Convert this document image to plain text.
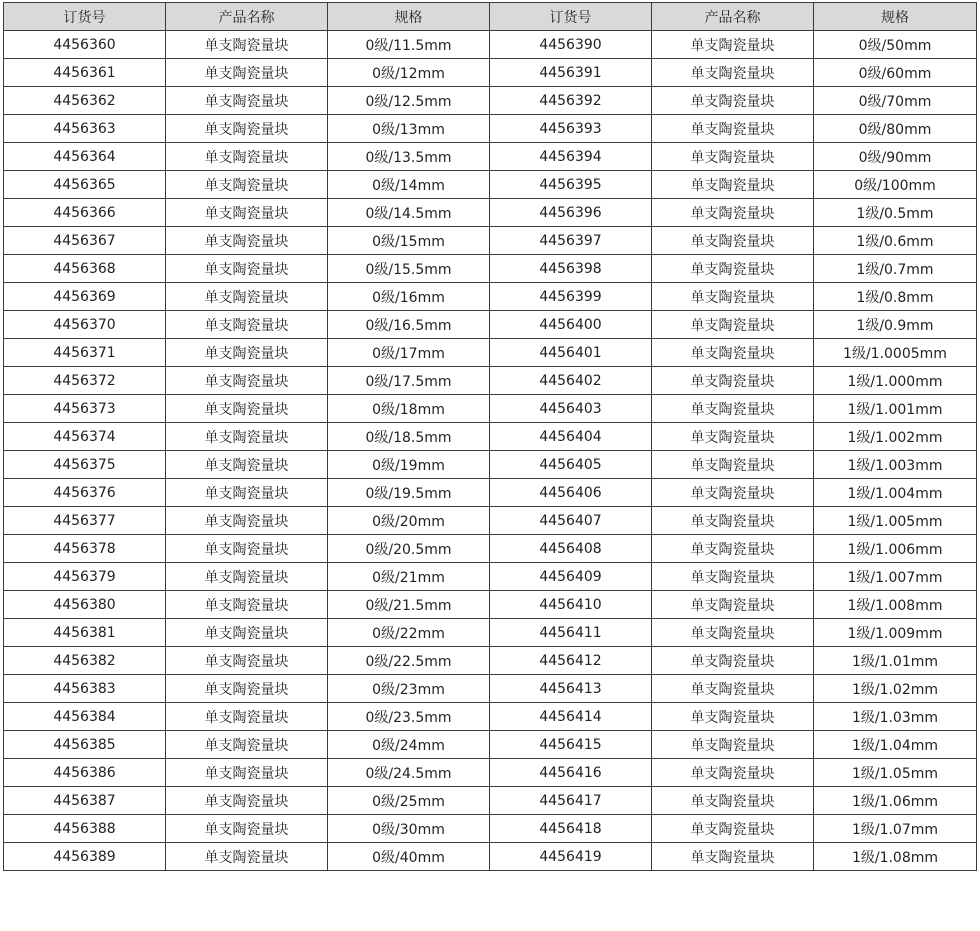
订货号	产品名称	规格	订货号	产品名称	规格
4456360	单支陶瓷量块	0级/11.5mm	4456390	单支陶瓷量块	0级/50mm
4456361	单支陶瓷量块	0级/12mm	4456391	单支陶瓷量块	0级/60mm
4456362	单支陶瓷量块	0级/12.5mm	4456392	单支陶瓷量块	0级/70mm
4456363	单支陶瓷量块	0级/13mm	4456393	单支陶瓷量块	0级/80mm
4456364	单支陶瓷量块	0级/13.5mm	4456394	单支陶瓷量块	0级/90mm
4456365	单支陶瓷量块	0级/14mm	4456395	单支陶瓷量块	0级/100mm
4456366	单支陶瓷量块	0级/14.5mm	4456396	单支陶瓷量块	1级/0.5mm
4456367	单支陶瓷量块	0级/15mm	4456397	单支陶瓷量块	1级/0.6mm
4456368	单支陶瓷量块	0级/15.5mm	4456398	单支陶瓷量块	1级/0.7mm
4456369	单支陶瓷量块	0级/16mm	4456399	单支陶瓷量块	1级/0.8mm
4456370	单支陶瓷量块	0级/16.5mm	4456400	单支陶瓷量块	1级/0.9mm
4456371	单支陶瓷量块	0级/17mm	4456401	单支陶瓷量块	1级/1.0005mm
4456372	单支陶瓷量块	0级/17.5mm	4456402	单支陶瓷量块	1级/1.000mm
4456373	单支陶瓷量块	0级/18mm	4456403	单支陶瓷量块	1级/1.001mm
4456374	单支陶瓷量块	0级/18.5mm	4456404	单支陶瓷量块	1级/1.002mm
4456375	单支陶瓷量块	0级/19mm	4456405	单支陶瓷量块	1级/1.003mm
4456376	单支陶瓷量块	0级/19.5mm	4456406	单支陶瓷量块	1级/1.004mm
4456377	单支陶瓷量块	0级/20mm	4456407	单支陶瓷量块	1级/1.005mm
4456378	单支陶瓷量块	0级/20.5mm	4456408	单支陶瓷量块	1级/1.006mm
4456379	单支陶瓷量块	0级/21mm	4456409	单支陶瓷量块	1级/1.007mm
4456380	单支陶瓷量块	0级/21.5mm	4456410	单支陶瓷量块	1级/1.008mm
4456381	单支陶瓷量块	0级/22mm	4456411	单支陶瓷量块	1级/1.009mm
4456382	单支陶瓷量块	0级/22.5mm	4456412	单支陶瓷量块	1级/1.01mm
4456383	单支陶瓷量块	0级/23mm	4456413	单支陶瓷量块	1级/1.02mm
4456384	单支陶瓷量块	0级/23.5mm	4456414	单支陶瓷量块	1级/1.03mm
4456385	单支陶瓷量块	0级/24mm	4456415	单支陶瓷量块	1级/1.04mm
4456386	单支陶瓷量块	0级/24.5mm	4456416	单支陶瓷量块	1级/1.05mm
4456387	单支陶瓷量块	0级/25mm	4456417	单支陶瓷量块	1级/1.06mm
4456388	单支陶瓷量块	0级/30mm	4456418	单支陶瓷量块	1级/1.07mm
4456389	单支陶瓷量块	0级/40mm	4456419	单支陶瓷量块	1级/1.08mm
